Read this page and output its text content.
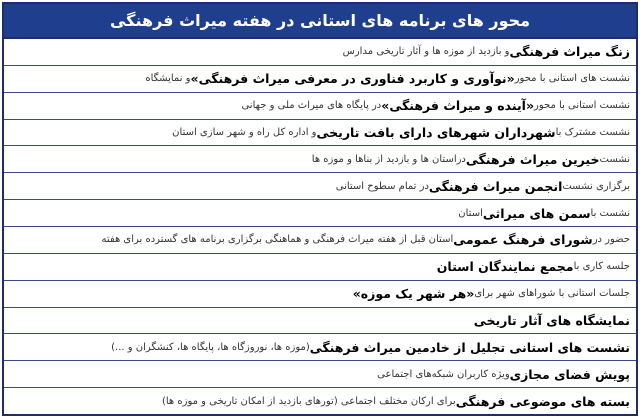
محور های برنامه های استانی در هفته میراث فرهنگی
زنگ میراث فرهنگی
و بازدید از موزه ها و آثار تاریخی مدارس
نشست های استانی با محور
«نوآوری و کاربرد فناوری در معرفی میراث فرهنگی»
و نمایشگاه
نشست استانی با محور
«آینده و میراث فرهنگی»
در پایگاه های میراث ملی و جهانی
نشست مشترک با
شهرداران شهرهای دارای بافت تاریخی
و اداره کل راه و شهر سازی استان
نشست
خیرین میراث فرهنگی
دراستان ها و بازدید از بناها و موزه ها
برگزاری نشست
انجمن میراث فرهنگی
در تمام سطوح استانی
نشست با
سمن های میراثی
استان
حضور در
شورای فرهنگ عمومی
استان قبل از هفته میراث فرهنگی و هماهنگی برگزاری برنامه های گسترده برای هفته
جلسه کاری با
مجمع نمایندگان استان
جلسات استانی با شوراهای شهر برای
«هر شهر یک موزه»
نمایشگاه های آثار تاریخی
نشست های استانی تجلیل از خادمین میراث فرهنگی
(موزه ها، نوروزگاه ها، پایگاه ها، کنشگران و ...)
پویش فضای مجازی
ویژه کاربران شبکه‌های اجتماعی
بسته های موضوعی فرهنگی
برای ارکان مختلف اجتماعی (تورهای بازدید از امکان تاریخی و موزه ها)
